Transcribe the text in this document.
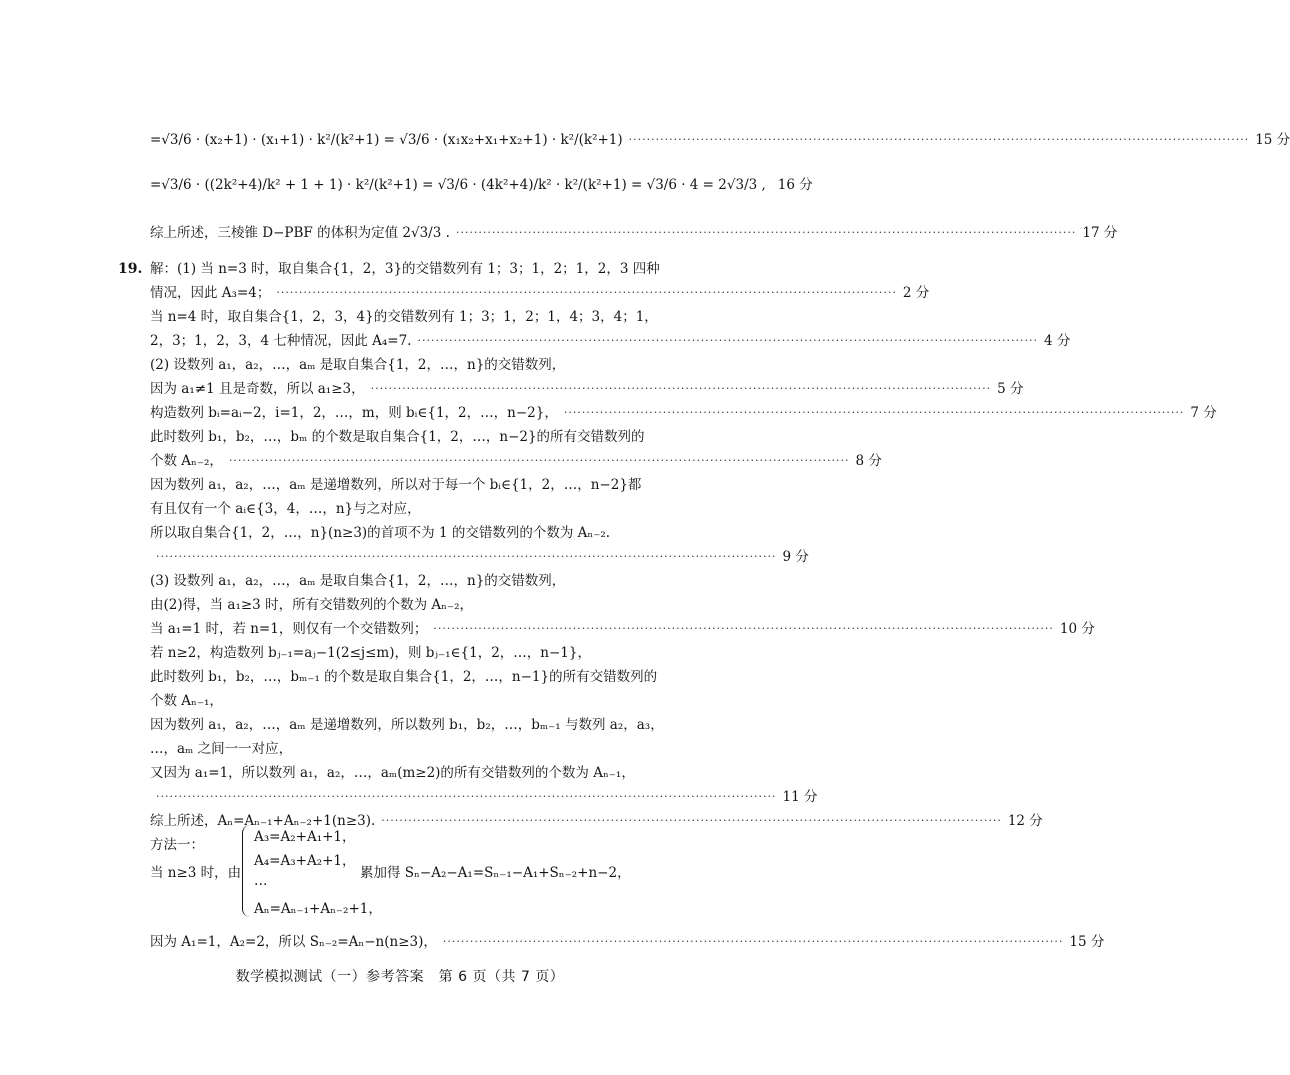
=√3/6 · (x₂+1) · (x₁+1) · k²/(k²+1) = √3/6 · (x₁x₂+x₁+x₂+1) · k²/(k²+1) ·····	15 分
=√3/6 · ((2k²+4)/k² + 1 + 1) · k²/(k²+1) = √3/6 · (4k²+4)/k² · k²/(k²+1) = √3/6 · 4 = 2√3/3 , 16 分
综上所述，三棱锥 D−PBF 的体积为定值 2√3/3 . ·····	17 分
解：(1) 当 n=3 时，取自集合{1，2，3}的交错数列有 1；3；1，2；1，2，3 四种
情况，因此 A₃=4； ·····	2 分
当 n=4 时，取自集合{1，2，3，4}的交错数列有 1；3；1，2；1，4；3，4；1，
2，3；1，2，3，4 七种情况，因此 A₄=7. ·····	4 分
(2) 设数列 a₁，a₂，…，aₘ 是取自集合{1，2，…，n}的交错数列，
因为 a₁≠1 且是奇数，所以 a₁≥3， ·····	5 分
构造数列 bᵢ=aᵢ−2，i=1，2，…，m，则 bᵢ∈{1，2，…，n−2}， ·····	7 分
此时数列 b₁，b₂，…，bₘ 的个数是取自集合{1，2，…，n−2}的所有交错数列的
个数 Aₙ₋₂， ·····	8 分
因为数列 a₁，a₂，…，aₘ 是递增数列，所以对于每一个 bᵢ∈{1，2，…，n−2}都
有且仅有一个 aᵢ∈{3，4，…，n}与之对应，
所以取自集合{1，2，…，n}(n≥3)的首项不为 1 的交错数列的个数为 Aₙ₋₂.
·····
9 分
(3) 设数列 a₁，a₂，…，aₘ 是取自集合{1，2，…，n}的交错数列，
由(2)得，当 a₁≥3 时，所有交错数列的个数为 Aₙ₋₂，
当 a₁=1 时，若 n=1，则仅有一个交错数列； ·····	10 分
若 n≥2，构造数列 bⱼ₋₁=aⱼ−1(2≤j≤m)，则 bⱼ₋₁∈{1，2，…，n−1}，
此时数列 b₁，b₂，…，bₘ₋₁ 的个数是取自集合{1，2，…，n−1}的所有交错数列的
个数 Aₙ₋₁，
因为数列 a₁，a₂，…，aₘ 是递增数列，所以数列 b₁，b₂，…，bₘ₋₁ 与数列 a₂，a₃，
…，aₘ 之间一一对应，
又因为 a₁=1，所以数列 a₁，a₂，…，aₘ(m≥2)的所有交错数列的个数为 Aₙ₋₁，
·····
11 分
综上所述，Aₙ=Aₙ₋₁+Aₙ₋₂+1(n≥3). ·····	12 分
方法一：
因为 A₁=1，A₂=2，所以 Sₙ₋₂=Aₙ−n(n≥3)， ·····	15 分
19.
当 n≥3 时，由
A₃=A₂+A₁+1，
A₄=A₃+A₂+1，
…
Aₙ=Aₙ₋₁+Aₙ₋₂+1，
累加得 Sₙ−A₂−A₁=Sₙ₋₁−A₁+Sₙ₋₂+n−2，
数学模拟测试（一）参考答案　第 6 页（共 7 页）
